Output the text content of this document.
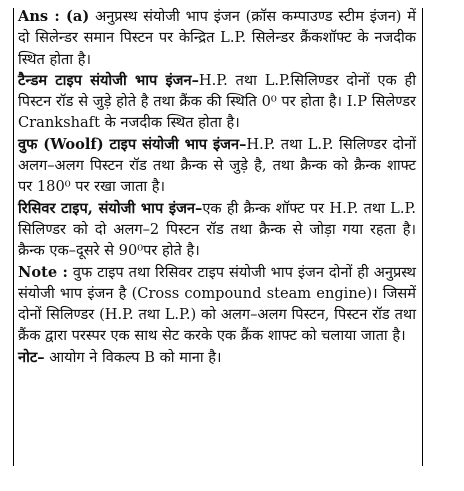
Ans : (a) अनुप्रस्थ संयोजी भाप इंजन (क्रॉस कम्पाउण्ड स्टीम इंजन) में दो सिलेन्डर समान पिस्टन पर केन्द्रित L.P. सिलेन्डर क्रैंकशॉफ्ट के नजदीक स्थित होता है।

टैन्डम टाइप संयोजी भाप इंजन–H.P. तथा L.P.सिलिण्डर दोनों एक ही पिस्टन रॉड से जुड़े होते है तथा क्रैंक की स्थिति 0⁰ पर होता है। I.P सिलेण्डर Crankshaft के नजदीक स्थित होता है।

वुफ (Woolf) टाइप संयोजी भाप इंजन–H.P. तथा L.P. सिलिण्डर दोनों अलग–अलग पिस्टन रॉड तथा क्रैन्क से जुड़े है, तथा क्रैन्क को क्रैन्क शाफ्ट पर 180⁰ पर रखा जाता है।

रिसिवर टाइप, संयोजी भाप इंजन–एक ही क्रैन्क शॉफ्ट पर H.P. तथा L.P. सिलिण्डर को दो अलग–2 पिस्टन रॉड तथा क्रैन्क से जोड़ा गया रहता है। क्रैन्क एक–दूसरे से 90⁰पर होते है।

Note : वुफ टाइप तथा रिसिवर टाइप संयोजी भाप इंजन दोनों ही अनुप्रस्थ संयोजी भाप इंजन है (Cross compound steam engine)। जिसमें दोनों सिलिण्डर (H.P. तथा L.P.) को अलग–अलग पिस्टन, पिस्टन रॉड तथा क्रैंक द्वारा परस्पर एक साथ सेट करके एक क्रैंक शाफ्ट को चलाया जाता है।

नोट– आयोग ने विकल्प B को माना है।
